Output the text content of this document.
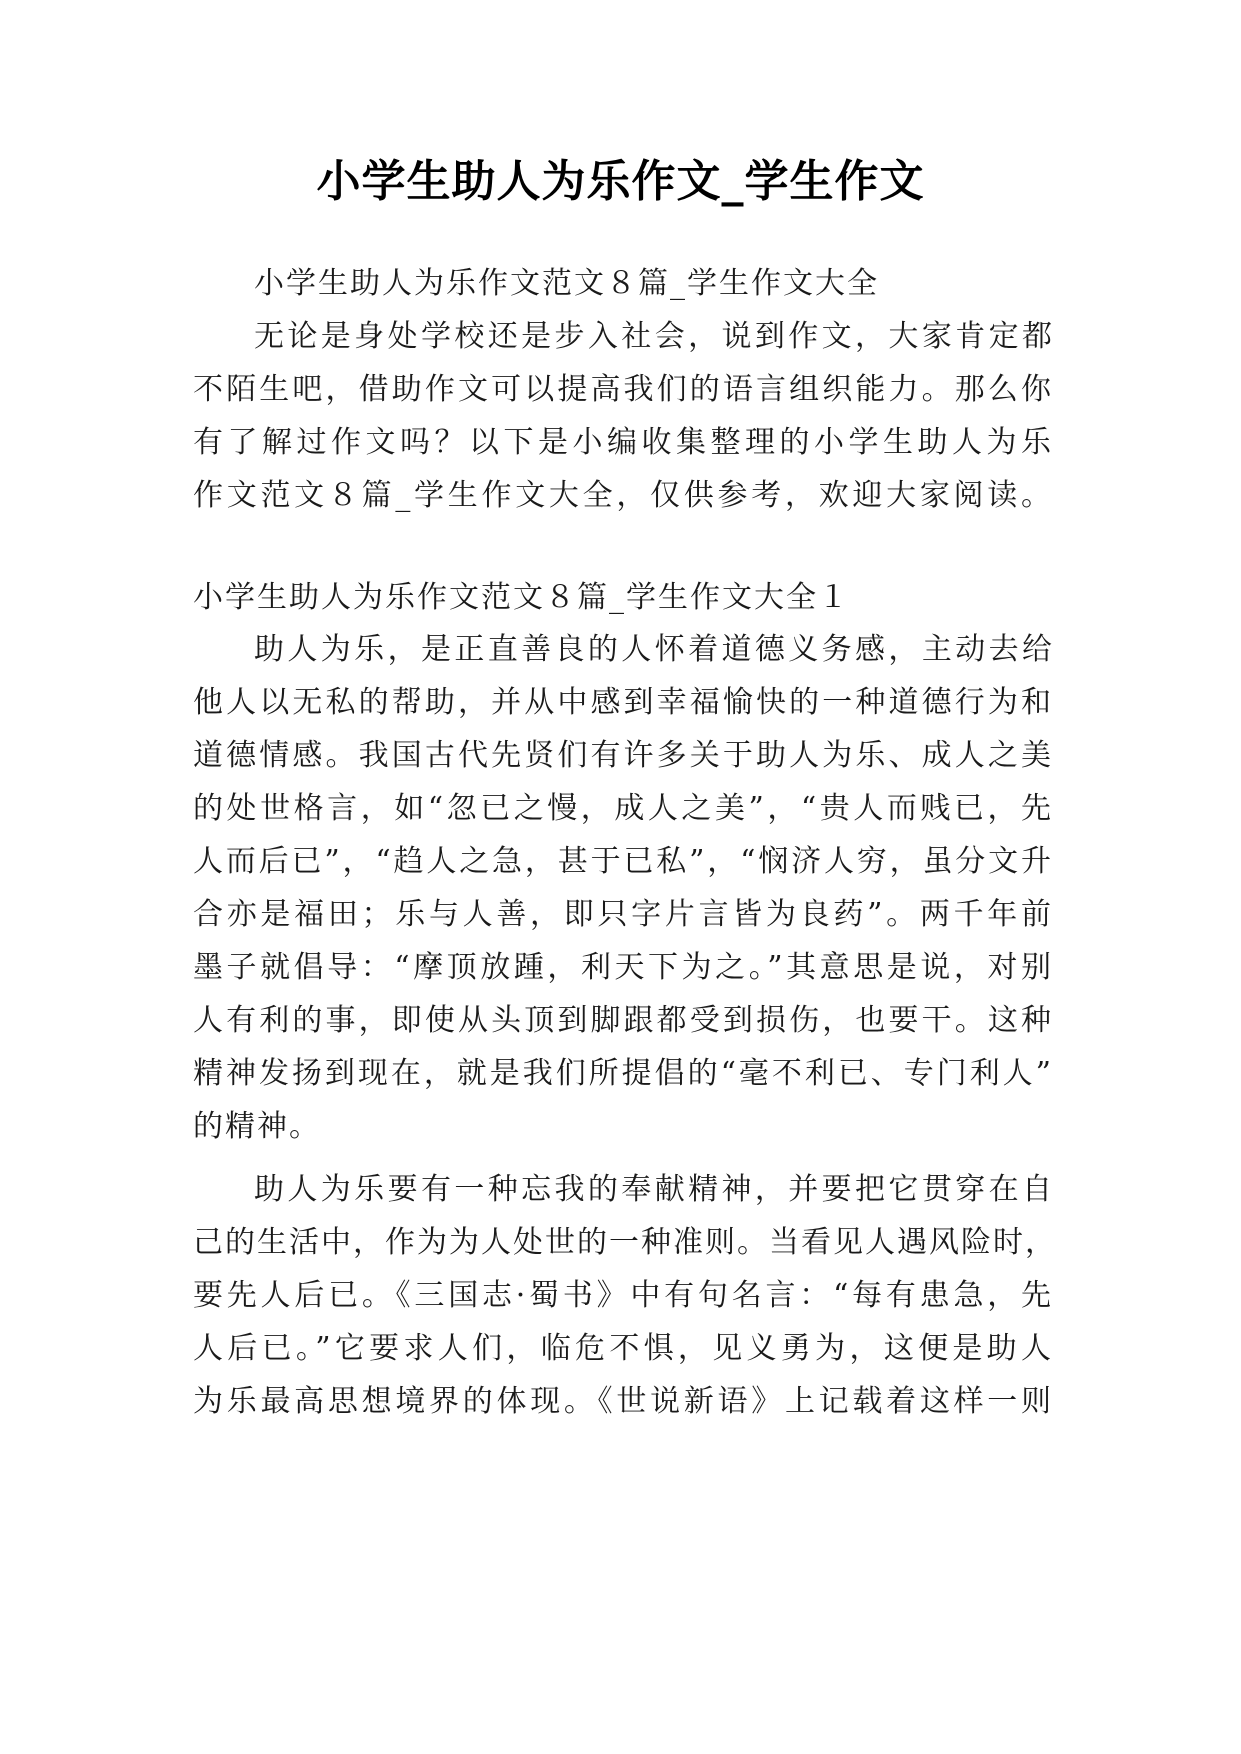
小学生助人为乐作文_学生作文
小学生助人为乐作文范文８篇_学生作文大全
无论是身处学校还是步入社会，说到作文，大家肯定都
不陌生吧，借助作文可以提高我们的语言组织能力。那么你
有了解过作文吗？以下是小编收集整理的小学生助人为乐
作文范文８篇_学生作文大全，仅供参考，欢迎大家阅读。
小学生助人为乐作文范文８篇_学生作文大全１
助人为乐，是正直善良的人怀着道德义务感，主动去给
他人以无私的帮助，并从中感到幸福愉快的一种道德行为和
道德情感。我国古代先贤们有许多关于助人为乐、成人之美
的处世格言，如“忽已之慢，成人之美”，“贵人而贱已，先
人而后已”，“趋人之急，甚于已私”，“悯济人穷，虽分文升
合亦是福田；乐与人善，即只字片言皆为良药”。两千年前
墨子就倡导：“摩顶放踵，利天下为之。”其意思是说，对别
人有利的事，即使从头顶到脚跟都受到损伤，也要干。这种
精神发扬到现在，就是我们所提倡的“毫不利已、专门利人”
的精神。
助人为乐要有一种忘我的奉献精神，并要把它贯穿在自
己的生活中，作为为人处世的一种准则。当看见人遇风险时，
要先人后已。《三国志·蜀书》中有句名言：“每有患急，先
人后已。”它要求人们，临危不惧，见义勇为，这便是助人
为乐最高思想境界的体现。《世说新语》上记载着这样一则
